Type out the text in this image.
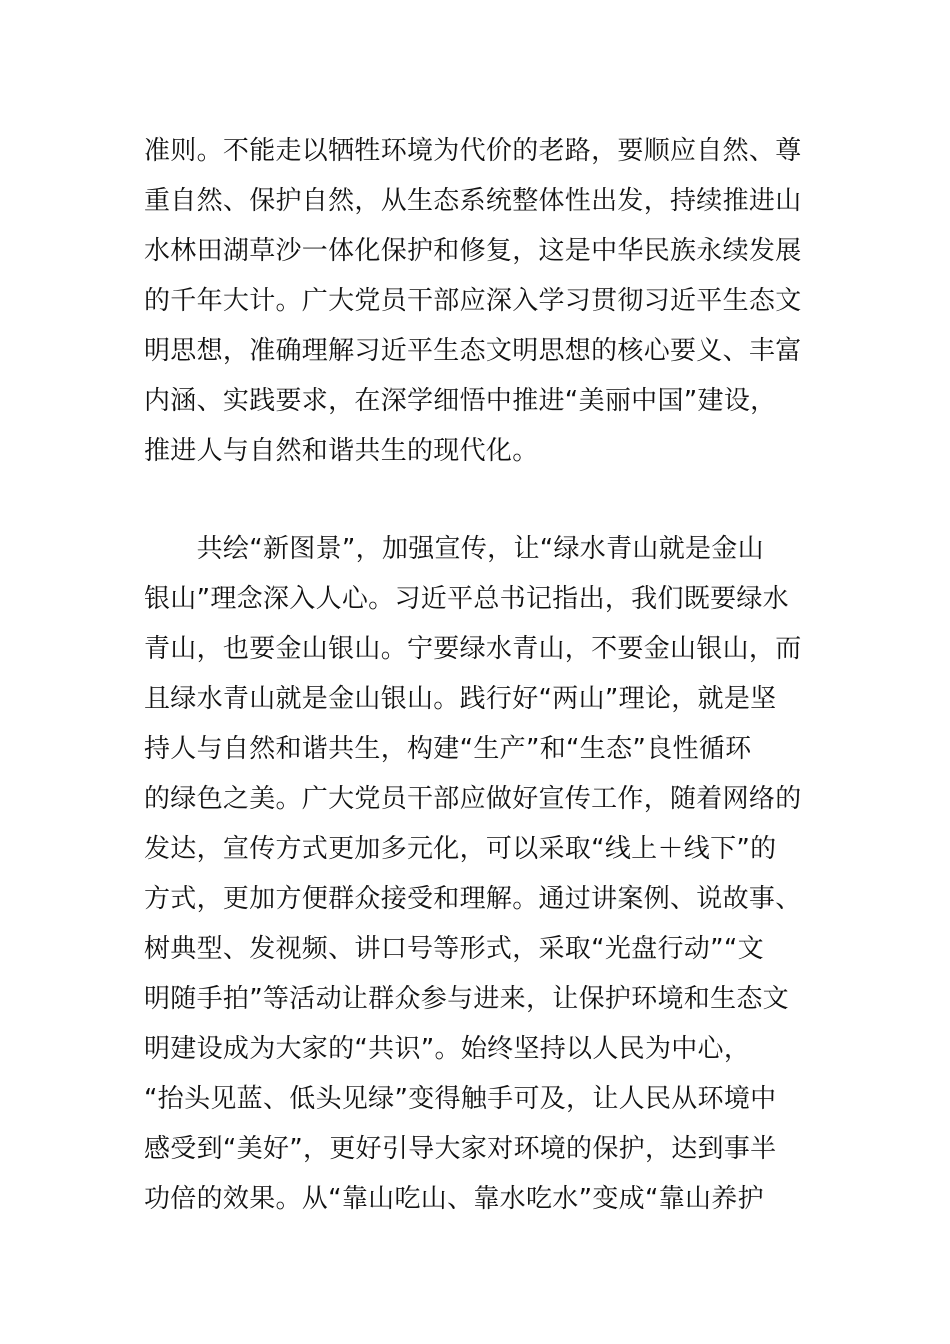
准则。不能走以牺牲环境为代价的老路，要顺应自然、尊
重自然、保护自然，从生态系统整体性出发，持续推进山
水林田湖草沙一体化保护和修复，这是中华民族永续发展
的千年大计。广大党员干部应深入学习贯彻习近平生态文
明思想，准确理解习近平生态文明思想的核心要义、丰富
内涵、实践要求，在深学细悟中推进“美丽中国”建设，
推进人与自然和谐共生的现代化。
　　共绘“新图景”，加强宣传，让“绿水青山就是金山
银山”理念深入人心。习近平总书记指出，我们既要绿水
青山，也要金山银山。宁要绿水青山，不要金山银山，而
且绿水青山就是金山银山。践行好“两山”理论，就是坚
持人与自然和谐共生，构建“生产”和“生态”良性循环
的绿色之美。广大党员干部应做好宣传工作，随着网络的
发达，宣传方式更加多元化，可以采取“线上＋线下”的
方式，更加方便群众接受和理解。通过讲案例、说故事、
树典型、发视频、讲口号等形式，采取“光盘行动”“文
明随手拍”等活动让群众参与进来，让保护环境和生态文
明建设成为大家的“共识”。始终坚持以人民为中心，
“抬头见蓝、低头见绿”变得触手可及，让人民从环境中
感受到“美好”，更好引导大家对环境的保护，达到事半
功倍的效果。从“靠山吃山、靠水吃水”变成“靠山养护
